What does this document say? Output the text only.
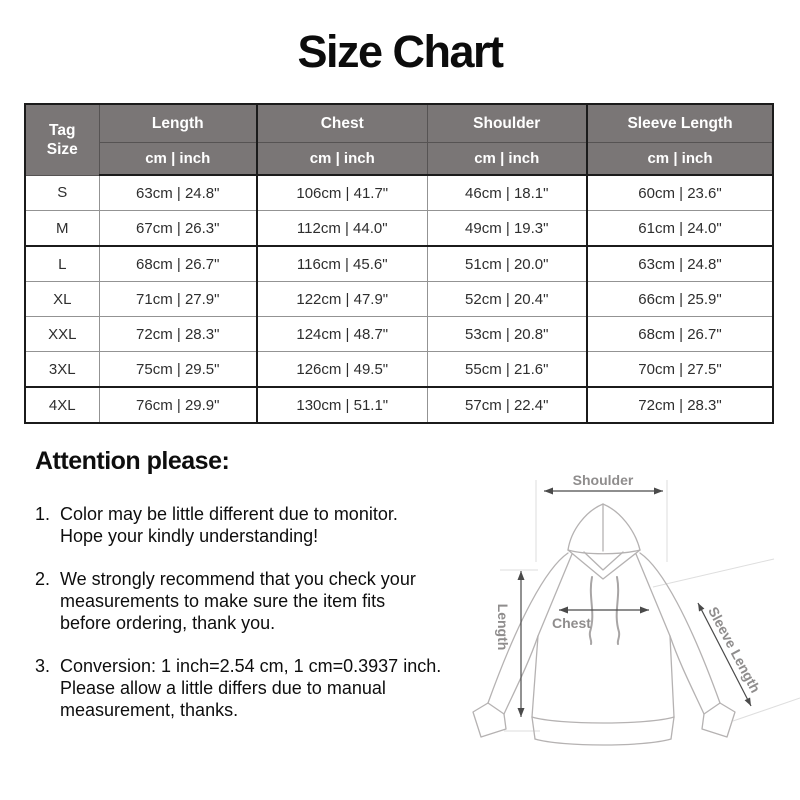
Size Chart
Tag
Size	Length	Chest	Shoulder	Sleeve Length
	cm | inch	cm | inch	cm | inch	cm | inch
S	63cm | 24.8"	106cm | 41.7"	46cm | 18.1"	60cm | 23.6"
M	67cm | 26.3"	112cm | 44.0"	49cm | 19.3"	61cm | 24.0"
L	68cm | 26.7"	116cm | 45.6"	51cm | 20.0"	63cm | 24.8"
XL	71cm | 27.9"	122cm | 47.9"	52cm | 20.4"	66cm | 25.9"
XXL	72cm | 28.3"	124cm | 48.7"	53cm | 20.8"	68cm | 26.7"
3XL	75cm | 29.5"	126cm | 49.5"	55cm | 21.6"	70cm | 27.5"
4XL	76cm | 29.9"	130cm | 51.1"	57cm | 22.4"	72cm | 28.3"
Attention please:
1. Color may be little different due to monitor.
Hope your kindly understanding!
2. We strongly recommend that you check your
measurements to make sure the item fits
before ordering, thank you.
3. Conversion: 1 inch=2.54 cm, 1 cm=0.3937 inch.
Please allow a little differs due to manual
measurement, thanks.
Shoulder
Length	Chest	Sleeve Length
